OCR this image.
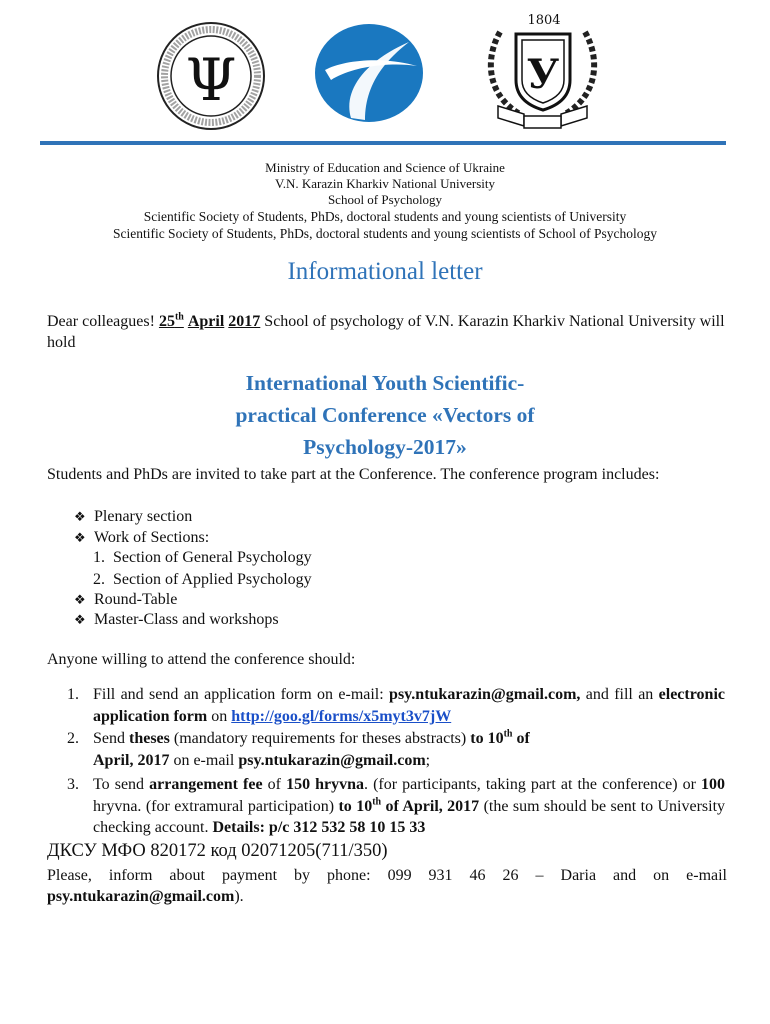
Ψ
1804
У
Ministry of Education and Science of Ukraine
V.N. Karazin Kharkiv National University
School of Psychology
Scientific Society of Students, PhDs, doctoral students and young scientists of University
Scientific Society of Students, PhDs, doctoral students and young scientists of School of Psychology
Informational letter
Dear colleagues! 25th April 2017 School of psychology of V.N. Karazin Kharkiv National University will hold
International Youth Scientific-
practical Conference «Vectors of
Psychology-2017»
Students and PhDs are invited to take part at the Conference. The conference program includes:
❖ Plenary section
❖ Work of Sections:
1. Section of General Psychology
2. Section of Applied Psychology
❖ Round-Table
❖ Master-Class and workshops
Anyone willing to attend the conference should:
1. Fill and send an application form on e-mail: psy.ntukarazin@gmail.com, and fill an electronic application form on http://goo.gl/forms/x5myt3v7jW
2. Send theses (mandatory requirements for theses abstracts) to 10th of
April, 2017 on e-mail psy.ntukarazin@gmail.com;
3. To send arrangement fee of 150 hryvna. (for participants, taking part at the conference) or 100 hryvna. (for extramural participation) to 10th of April, 2017 (the sum should be sent to University checking account. Details: p/c 312 532 58 10 15 33
ДКСУ МФО 820172 код 02071205(711/350)
Please, inform about payment by phone: 099 931 46 26 – Daria and on e-mail psy.ntukarazin@gmail.com).
